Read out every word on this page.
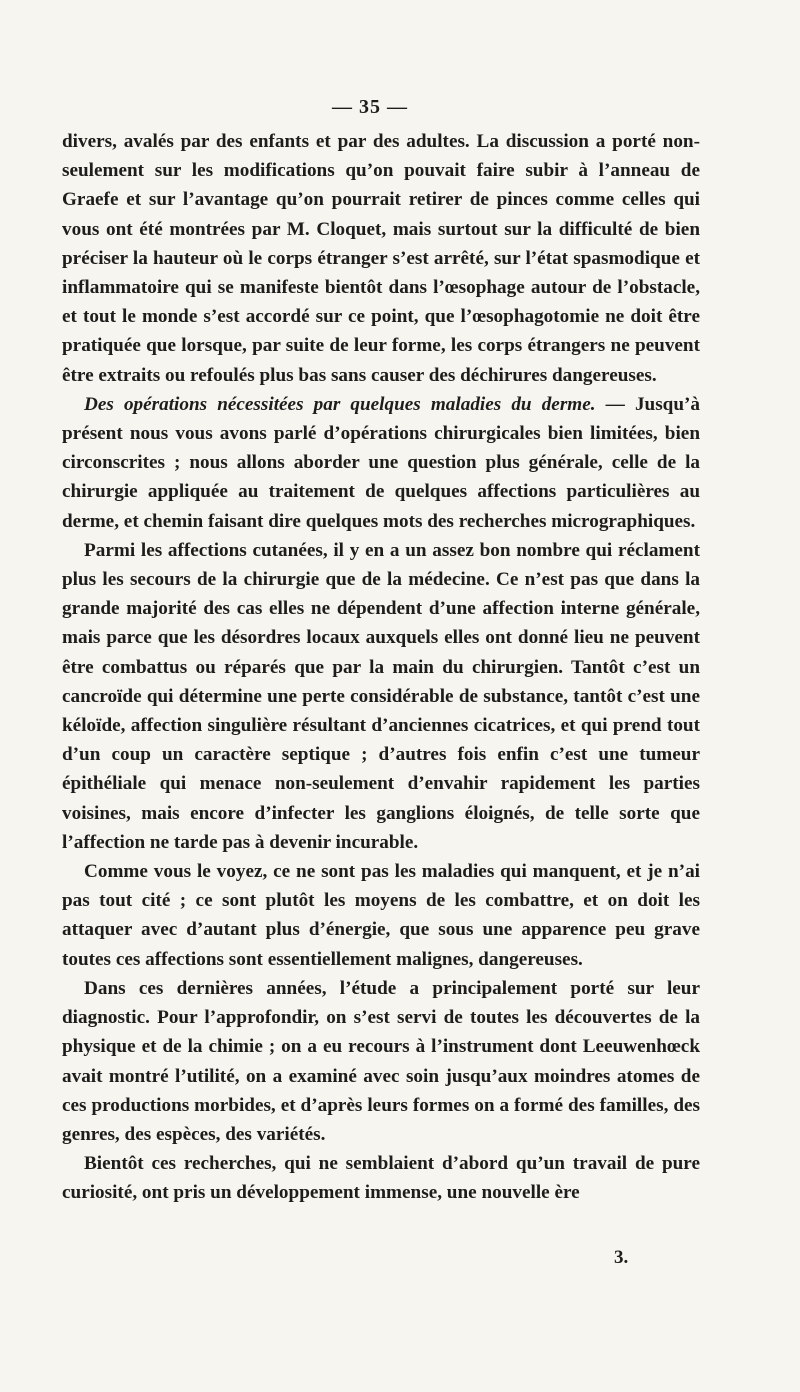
— 35 —

divers, avalés par des enfants et par des adultes. La discussion a porté non-seulement sur les modifications qu’on pouvait faire subir à l’anneau de Graefe et sur l’avantage qu’on pourrait retirer de pinces comme celles qui vous ont été montrées par M. Cloquet, mais surtout sur la difficulté de bien préciser la hauteur où le corps étranger s’est arrêté, sur l’état spasmodique et inflammatoire qui se manifeste bientôt dans l’œsophage autour de l’obstacle, et tout le monde s’est accordé sur ce point, que l’œsophagotomie ne doit être pratiquée que lorsque, par suite de leur forme, les corps étrangers ne peuvent être extraits ou refoulés plus bas sans causer des déchirures dangereuses.

Des opérations nécessitées par quelques maladies du derme. — Jusqu’à présent nous vous avons parlé d’opérations chirurgicales bien limitées, bien circonscrites ; nous allons aborder une question plus générale, celle de la chirurgie appliquée au traitement de quelques affections particulières au derme, et chemin faisant dire quelques mots des recherches micrographiques.

Parmi les affections cutanées, il y en a un assez bon nombre qui réclament plus les secours de la chirurgie que de la médecine. Ce n’est pas que dans la grande majorité des cas elles ne dépendent d’une affection interne générale, mais parce que les désordres locaux auxquels elles ont donné lieu ne peuvent être combattus ou réparés que par la main du chirurgien. Tantôt c’est un cancroïde qui détermine une perte considérable de substance, tantôt c’est une kéloïde, affection singulière résultant d’anciennes cicatrices, et qui prend tout d’un coup un caractère septique ; d’autres fois enfin c’est une tumeur épithéliale qui menace non-seulement d’envahir rapidement les parties voisines, mais encore d’infecter les ganglions éloignés, de telle sorte que l’affection ne tarde pas à devenir incurable.

Comme vous le voyez, ce ne sont pas les maladies qui manquent, et je n’ai pas tout cité ; ce sont plutôt les moyens de les combattre, et on doit les attaquer avec d’autant plus d’énergie, que sous une apparence peu grave toutes ces affections sont essentiellement malignes, dangereuses.

Dans ces dernières années, l’étude a principalement porté sur leur diagnostic. Pour l’approfondir, on s’est servi de toutes les découvertes de la physique et de la chimie ; on a eu recours à l’instrument dont Leeuwenhœck avait montré l’utilité, on a examiné avec soin jusqu’aux moindres atomes de ces productions morbides, et d’après leurs formes on a formé des familles, des genres, des espèces, des variétés.

Bientôt ces recherches, qui ne semblaient d’abord qu’un travail de pure curiosité, ont pris un développement immense, une nouvelle ère

3.
